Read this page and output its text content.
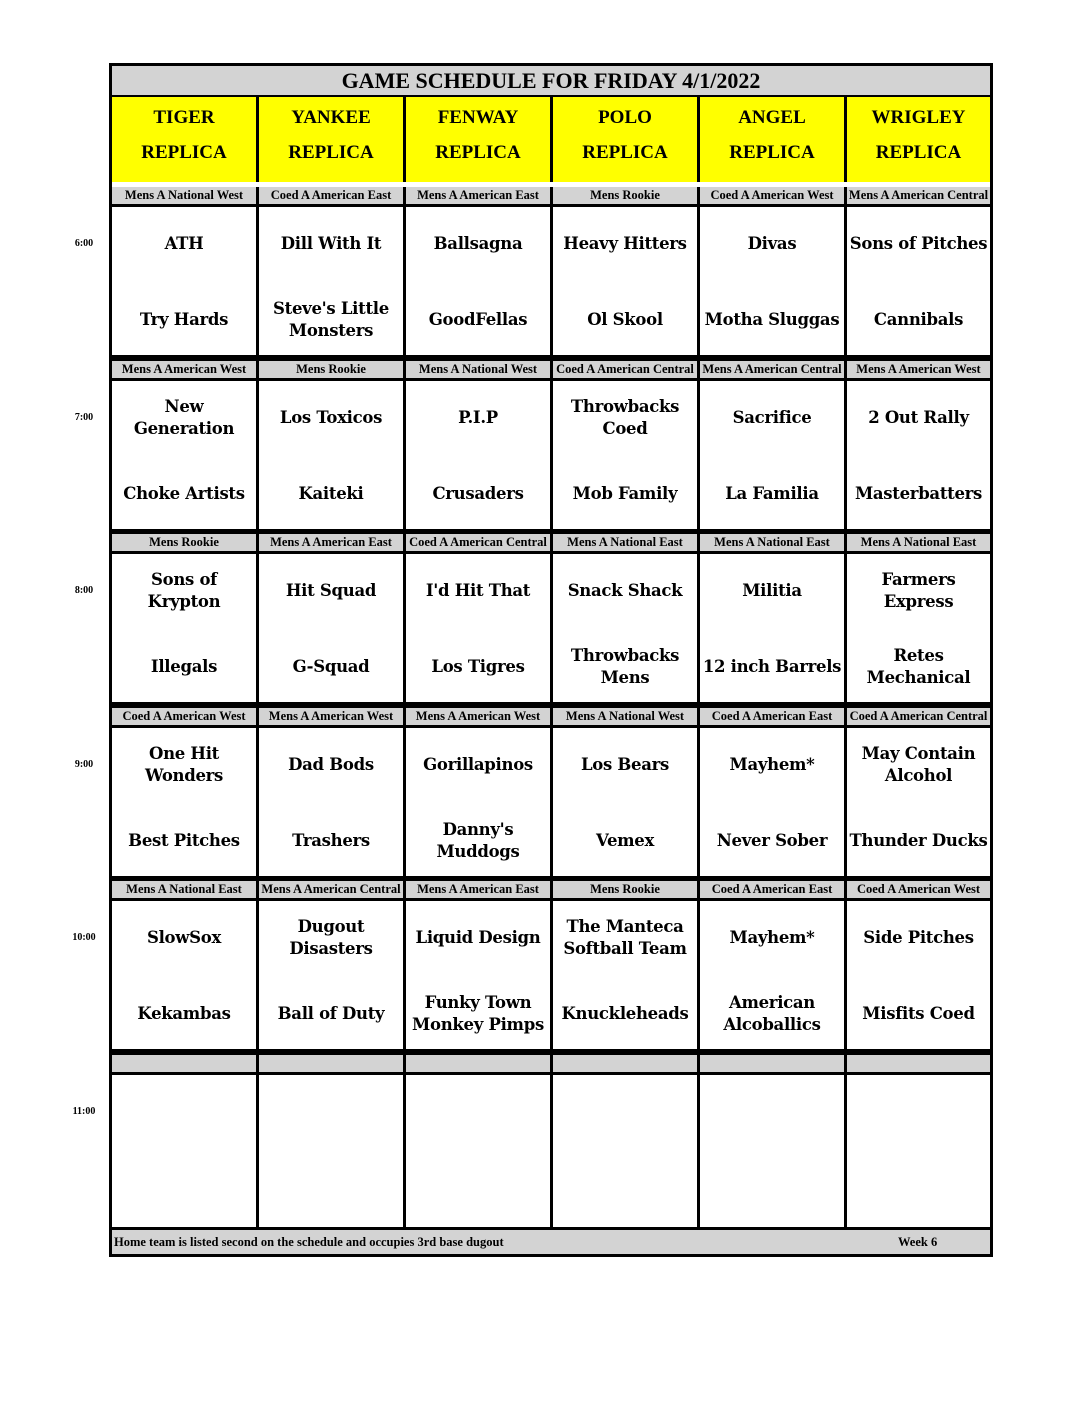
GAME SCHEDULE FOR FRIDAY 4/1/2022
Home team is listed second on the schedule and occupies 3rd base dugout	Week 6
TIGER
REPLICA
YANKEE
REPLICA
FENWAY
REPLICA
POLO
REPLICA
ANGEL
REPLICA
WRIGLEY
REPLICA
Mens A National West
ATH
Try Hards
Coed A American East
Dill With It
Steve's Little
Monsters
Mens A American East
Ballsagna
GoodFellas
Mens Rookie
Heavy Hitters
Ol Skool
Coed A American West
Divas
Motha Sluggas
Mens A American Central
Sons of Pitches
Cannibals
Mens A American West
New Generation
Choke Artists
Mens Rookie
Los Toxicos
Kaiteki
Mens A National West
P.I.P
Crusaders
Coed A American Central
Throwbacks Coed
Mob Family
Mens A American Central
Sacrifice
La Familia
Mens A American West
2 Out Rally
Masterbatters
Mens Rookie
Sons of Krypton
Illegals
Mens A American East
Hit Squad
G-Squad
Coed A American Central
I'd Hit That
Los Tigres
Mens A National East
Snack Shack
Throwbacks
Mens
Mens A National East
Militia
12 inch Barrels
Mens A National East
Farmers Express
Retes Mechanical
Coed A American West
One Hit Wonders
Best Pitches
Mens A American West
Dad Bods
Trashers
Mens A American West
Gorillapinos
Danny's Muddogs
Mens A National West
Los Bears
Vemex
Coed A American East
Mayhem*
Never Sober
Coed A American Central
May Contain
Alcohol
Thunder Ducks
Mens A National East
SlowSox
Kekambas
Mens A American Central
Dugout Disasters
Ball of Duty
Mens A American East
Liquid Design
Funky Town
Monkey Pimps
Mens Rookie
The Manteca
Softball Team
Knuckleheads
Coed A American East
Mayhem*
American
Alcoballics
Coed A American West
Side Pitches
Misfits Coed
6:00
7:00
8:00
9:00
10:00
11:00
